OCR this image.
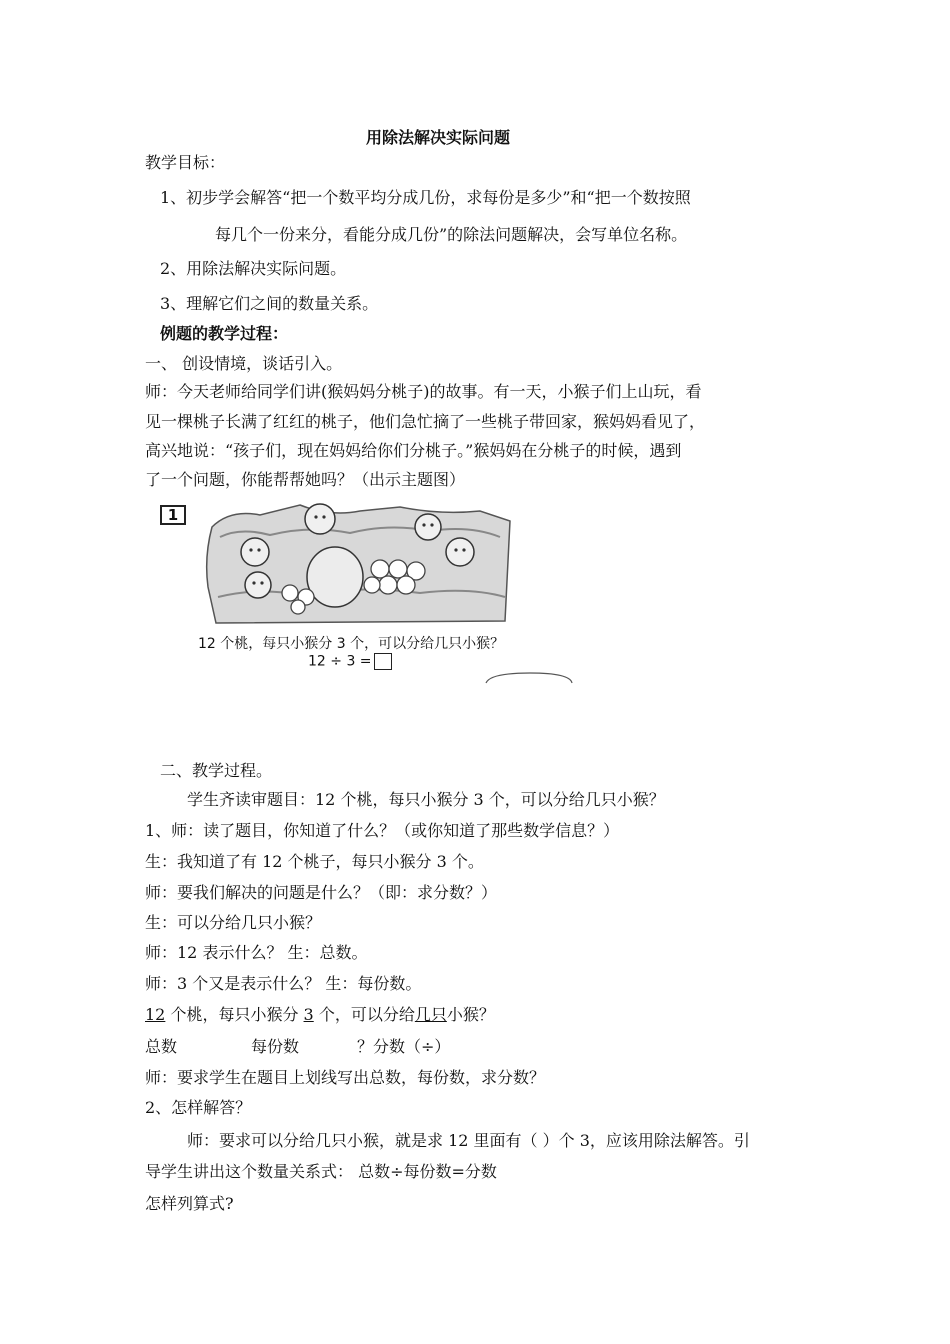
用除法解决实际问题
教学目标：
1、初步学会解答“把一个数平均分成几份，求每份是多少”和“把一个数按照
每几个一份来分，看能分成几份”的除法问题解决，会写单位名称。
2、用除法解决实际问题。
3、理解它们之间的数量关系。
例题的教学过程：
一、 创设情境，谈话引入。
师：今天老师给同学们讲(猴妈妈分桃子)的故事。有一天，小猴子们上山玩，看
见一棵桃子长满了红红的桃子，他们急忙摘了一些桃子带回家，猴妈妈看见了，
高兴地说：“孩子们，现在妈妈给你们分桃子。”猴妈妈在分桃子的时候，遇到
了一个问题，你能帮帮她吗？（出示主题图）
1
12 个桃，每只小猴分 3 个，可以分给几只小猴？
12 ÷ 3 =
二、教学过程。
学生齐读审题目：12 个桃，每只小猴分 3 个，可以分给几只小猴？
1、师：读了题目，你知道了什么？（或你知道了那些数学信息？）
生：我知道了有 12 个桃子，每只小猴分 3 个。
师：要我们解决的问题是什么？（即：求分数？）
生：可以分给几只小猴？
师：12 表示什么？ 生：总数。
师：3 个又是表示什么？ 生：每份数。
12 个桃，每只小猴分 3 个，可以分给几只小猴？
总数	每份数	？分数（÷）
师：要求学生在题目上划线写出总数，每份数，求分数？
2、怎样解答？
师：要求可以分给几只小猴，就是求 12 里面有（ ）个 3，应该用除法解答。引
导学生讲出这个数量关系式： 总数÷每份数=分数
怎样列算式?
